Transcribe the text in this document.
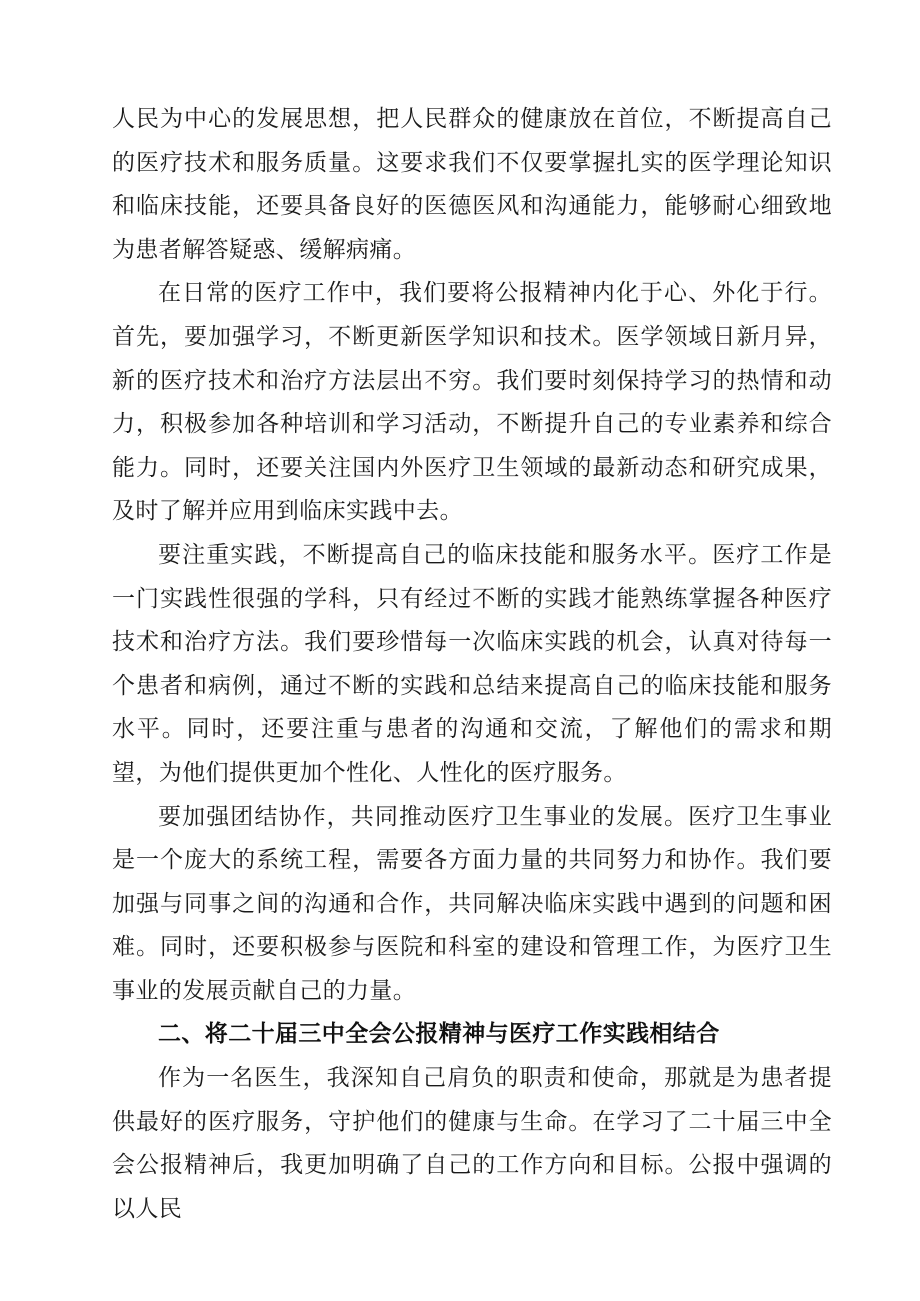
人民为中心的发展思想，把人民群众的健康放在首位，不断提高自己的医疗技术和服务质量。这要求我们不仅要掌握扎实的医学理论知识和临床技能，还要具备良好的医德医风和沟通能力，能够耐心细致地为患者解答疑惑、缓解病痛。

在日常的医疗工作中，我们要将公报精神内化于心、外化于行。首先，要加强学习，不断更新医学知识和技术。医学领域日新月异，新的医疗技术和治疗方法层出不穷。我们要时刻保持学习的热情和动力，积极参加各种培训和学习活动，不断提升自己的专业素养和综合能力。同时，还要关注国内外医疗卫生领域的最新动态和研究成果，及时了解并应用到临床实践中去。

要注重实践，不断提高自己的临床技能和服务水平。医疗工作是一门实践性很强的学科，只有经过不断的实践才能熟练掌握各种医疗技术和治疗方法。我们要珍惜每一次临床实践的机会，认真对待每一个患者和病例，通过不断的实践和总结来提高自己的临床技能和服务水平。同时，还要注重与患者的沟通和交流，了解他们的需求和期望，为他们提供更加个性化、人性化的医疗服务。

要加强团结协作，共同推动医疗卫生事业的发展。医疗卫生事业是一个庞大的系统工程，需要各方面力量的共同努力和协作。我们要加强与同事之间的沟通和合作，共同解决临床实践中遇到的问题和困难。同时，还要积极参与医院和科室的建设和管理工作，为医疗卫生事业的发展贡献自己的力量。

二、将二十届三中全会公报精神与医疗工作实践相结合

作为一名医生，我深知自己肩负的职责和使命，那就是为患者提供最好的医疗服务，守护他们的健康与生命。在学习了二十届三中全会公报精神后，我更加明确了自己的工作方向和目标。公报中强调的以人民
